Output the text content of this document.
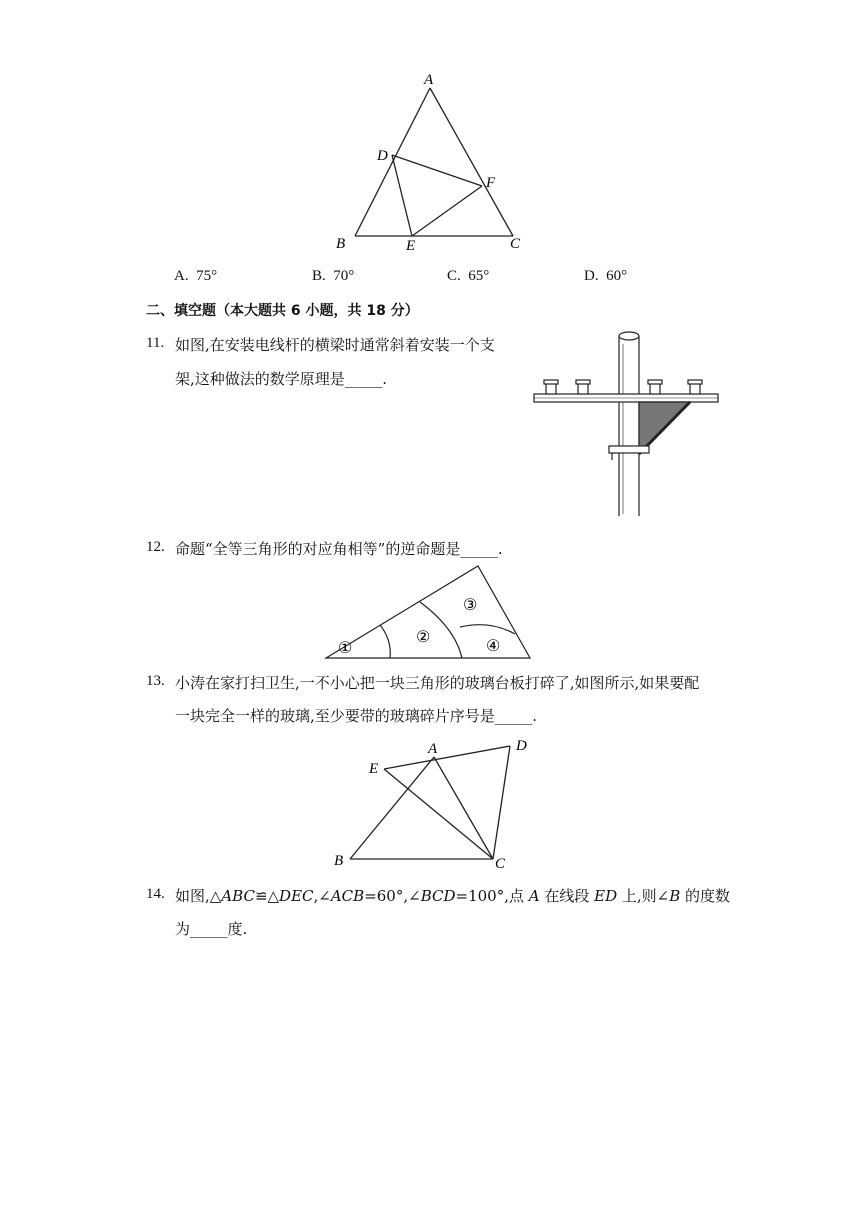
A
D
F
B	E	C
A. 75°	B. 70°	C. 65°	D. 60°
二、填空题（本大题共 6 小题，共 18 分）
11. 如图,在安装电线杆的横梁时通常斜着安装一个支
架,这种做法的数学原理是_____.
12. 命题“全等三角形的对应角相等”的逆命题是_____.
①
②
③
④
13. 小涛在家打扫卫生,一不小心把一块三角形的玻璃台板打碎了,如图所示,如果要配
一块完全一样的玻璃,至少要带的玻璃碎片序号是_____.
A	D
E
B	C
14. 如图,△ABC≌△DEC,∠ACB=60°,∠BCD=100°,点 A 在线段 ED 上,则∠B 的度数
为_____度.
